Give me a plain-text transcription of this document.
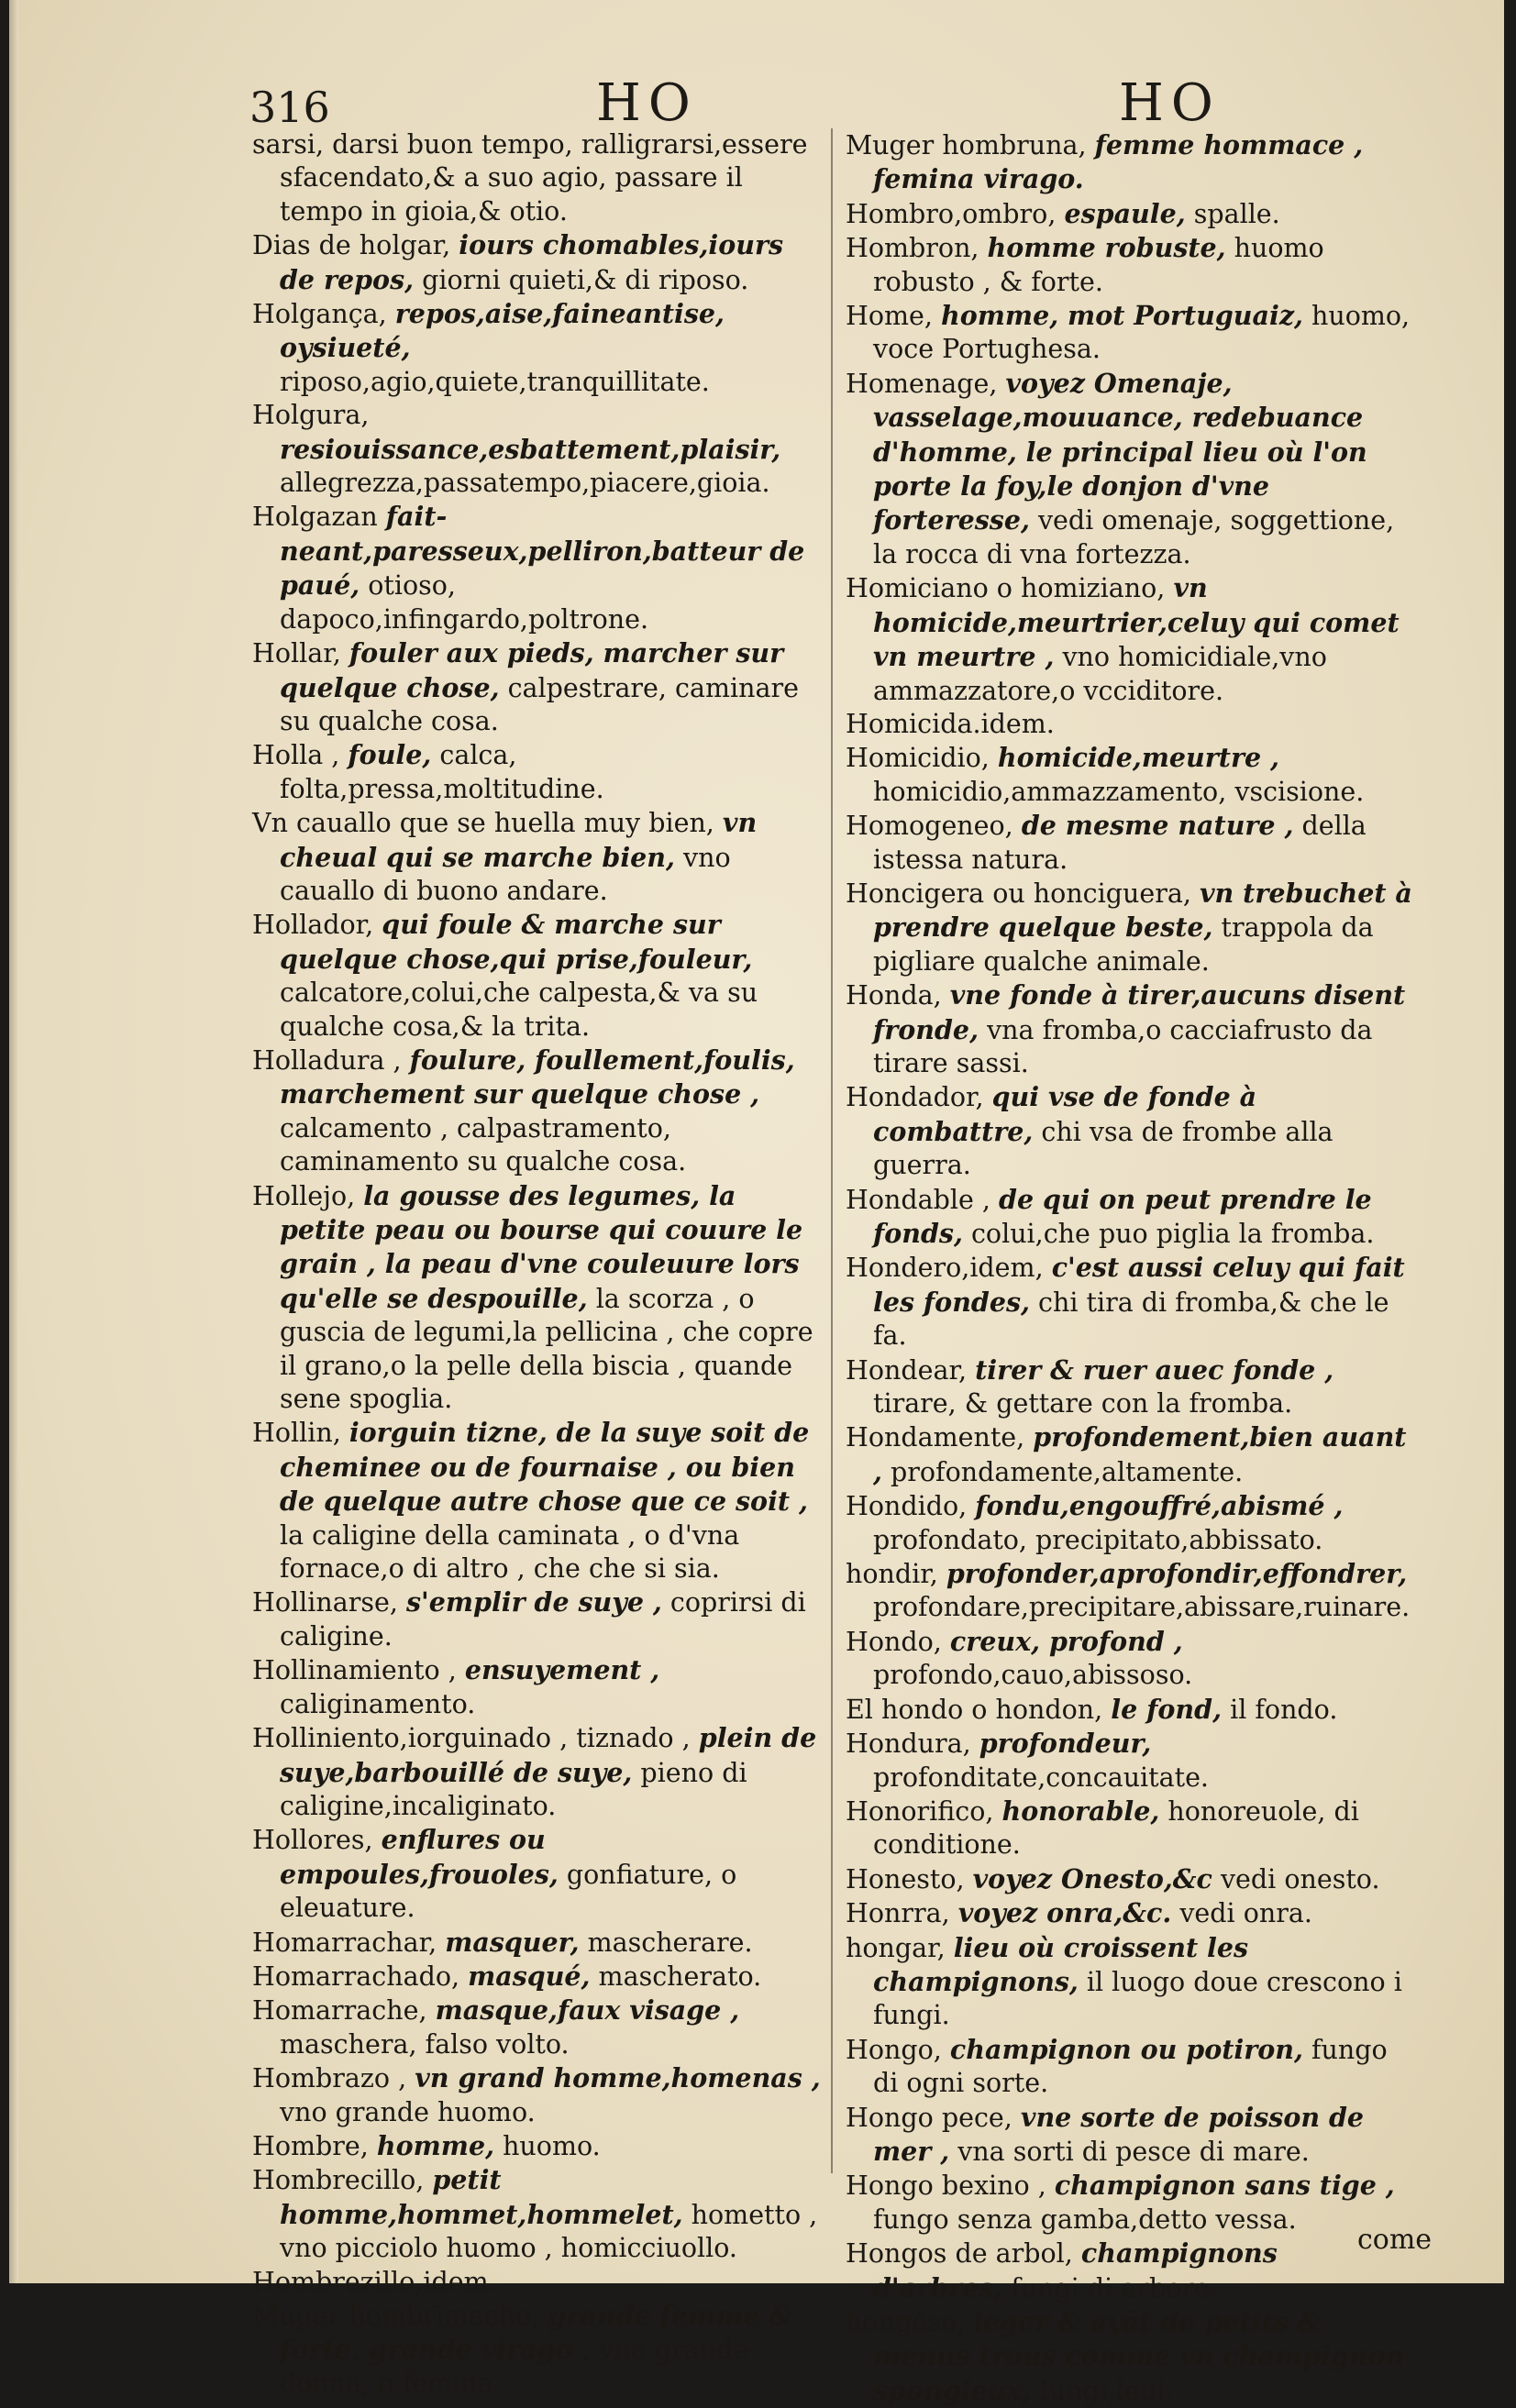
316	HO	HO

sarsi, darsi buon tempo, ralligrarsi,essere sfacendato,& a suo agio, passare il tempo in gioia,& otio.

Dias de holgar, iours chomables,iours de repos, giorni quieti,& di riposo.

Holgança, repos,aise,faineantise, oysiueté, riposo,agio,quiete,tranquillitate.

Holgura, resiouissance,esbattement,plaisir, allegrezza,passatempo,piacere,gioia.

Holgazan fait-neant,paresseux,pelliron,batteur de paué, otioso, dapoco,infingardo,poltrone.

Hollar, fouler aux pieds, marcher sur quelque chose, calpestrare, caminare su qualche cosa.

Holla , foule, calca, folta,pressa,moltitudine.

Vn cauallo que se huella muy bien, vn cheual qui se marche bien, vno cauallo di buono andare.

Hollador, qui foule & marche sur quelque chose,qui prise,fouleur, calcatore,colui,che calpesta,& va su qualche cosa,& la trita.

Holladura , foulure, foullement,foulis, marchement sur quelque chose , calcamento , calpastramento, caminamento su qualche cosa.

Hollejo, la gousse des legumes, la petite peau ou bourse qui couure le grain , la peau d'vne couleuure lors qu'elle se despouille, la scorza , o guscia de legumi,la pellicina , che copre il grano,o la pelle della biscia , quande sene spoglia.

Hollin, iorguin tizne, de la suye soit de cheminee ou de fournaise , ou bien de quelque autre chose que ce soit , la caligine della caminata , o d'vna fornace,o di altro , che che si sia.

Hollinarse, s'emplir de suye , coprirsi di caligine.

Hollinamiento , ensuyement , caliginamento.

Holliniento,iorguinado , tiznado , plein de suye,barbouillé de suye, pieno di caligine,incaliginato.

Hollores, enflures ou empoules,frouoles, gonfiature, o eleuature.

Homarrachar, masquer, mascherare.

Homarrachado, masqué, mascherato.

Homarrache, masque,faux visage , maschera, falso volto.

Hombrazo , vn grand homme,homenas , vno grande huomo.

Hombre, homme, huomo.

Hombrecillo, petit homme,hommet,hommelet, hometto , vno picciolo huomo , homicciuollo.

Hombrezillo,idem.

Muger hombrimacho, grande femme & forte, grande virago , vna grande donna, o femina.

Muger hombruna, femme hommace , femina virago.

Hombro,ombro, espaule, spalle.

Hombron, homme robuste, huomo robusto , & forte.

Home, homme, mot Portuguaiz, huomo, voce Portughesa.

Homenage, voyez Omenaje, vasselage,mouuance, redebuance d'homme, le principal lieu où l'on porte la foy,le donjon d'vne forteresse, vedi omenaje, soggettione, la rocca di vna fortezza.

Homiciano o homiziano, vn homicide,meurtrier,celuy qui comet vn meurtre , vno homicidiale,vno ammazzatore,o vcciditore.

Homicida.idem.

Homicidio, homicide,meurtre , homicidio,ammazzamento, vscisione.

Homogeneo, de mesme nature , della istessa natura.

Honcigera ou honciguera, vn trebuchet à prendre quelque beste, trappola da pigliare qualche animale.

Honda, vne fonde à tirer,aucuns disent fronde, vna fromba,o cacciafrusto da tirare sassi.

Hondador, qui vse de fonde à combattre, chi vsa de frombe alla guerra.

Hondable , de qui on peut prendre le fonds, colui,che puo piglia la fromba.

Hondero,idem, c'est aussi celuy qui fait les fondes, chi tira di fromba,& che le fa.

Hondear, tirer & ruer auec fonde , tirare, & gettare con la fromba.

Hondamente, profondement,bien auant , profondamente,altamente.

Hondido, fondu,engouffré,abismé , profondato, precipitato,abbissato.

hondir, profonder,aprofondir,effondrer, profondare,precipitare,abissare,ruinare.

Hondo, creux, profond , profondo,cauo,abissoso.

El hondo o hondon, le fond, il fondo.

Hondura, profondeur, profonditate,concauitate.

Honorifico, honorable, honoreuole, di conditione.

Honesto, voyez Onesto,&c vedi onesto.

Honrra, voyez onra,&c. vedi onra.

hongar, lieu où croissent les champignons, il luogo doue crescono i fungi.

Hongo, champignon ou potiron, fungo di ogni sorte.

Hongo pece, vne sorte de poisson de mer , vna sorti di pesce di mare.

Hongo bexino , champignon sans tige , fungo senza gamba,detto vessa.

Hongos de arbol, champignons d'arbres, fungi di arboro.

hongóso, leger & ayāt de petits & menus trous comme vn champignon spongieux, fungi,leui,

come
